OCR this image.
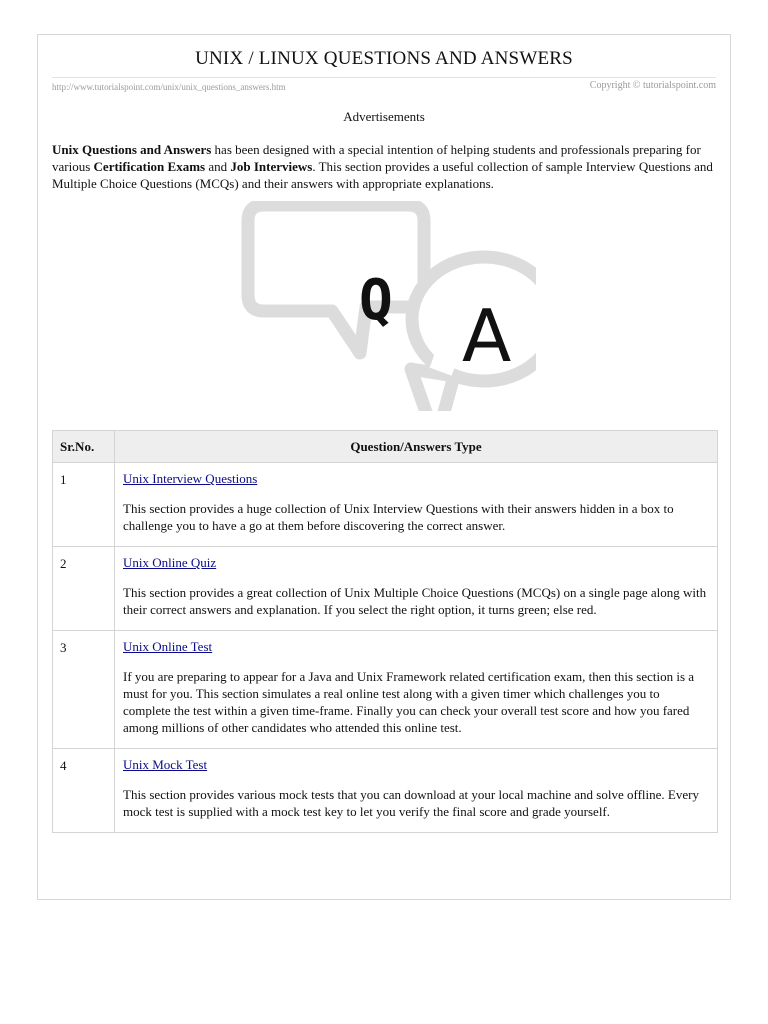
UNIX / LINUX QUESTIONS AND ANSWERS
http://www.tutorialspoint.com/unix/unix_questions_answers.htm	Copyright © tutorialspoint.com
Advertisements
Unix Questions and Answers has been designed with a special intention of helping students and professionals preparing for various Certification Exams and Job Interviews. This section provides a useful collection of sample Interview Questions and Multiple Choice Questions (MCQs) and their answers with appropriate explanations.
Q A
Sr.No.	Question/Answers Type
1	Unix Interview Questions
This section provides a huge collection of Unix Interview Questions with their answers hidden in a box to challenge you to have a go at them before discovering the correct answer.

2	Unix Online Quiz
This section provides a great collection of Unix Multiple Choice Questions (MCQs) on a single page along with their correct answers and explanation. If you select the right option, it turns green; else red.

3	Unix Online Test
If you are preparing to appear for a Java and Unix Framework related certification exam, then this section is a must for you. This section simulates a real online test along with a given timer which challenges you to complete the test within a given time-frame. Finally you can check your overall test score and how you fared among millions of other candidates who attended this online test.

4	Unix Mock Test
This section provides various mock tests that you can download at your local machine and solve offline. Every mock test is supplied with a mock test key to let you verify the final score and grade yourself.
